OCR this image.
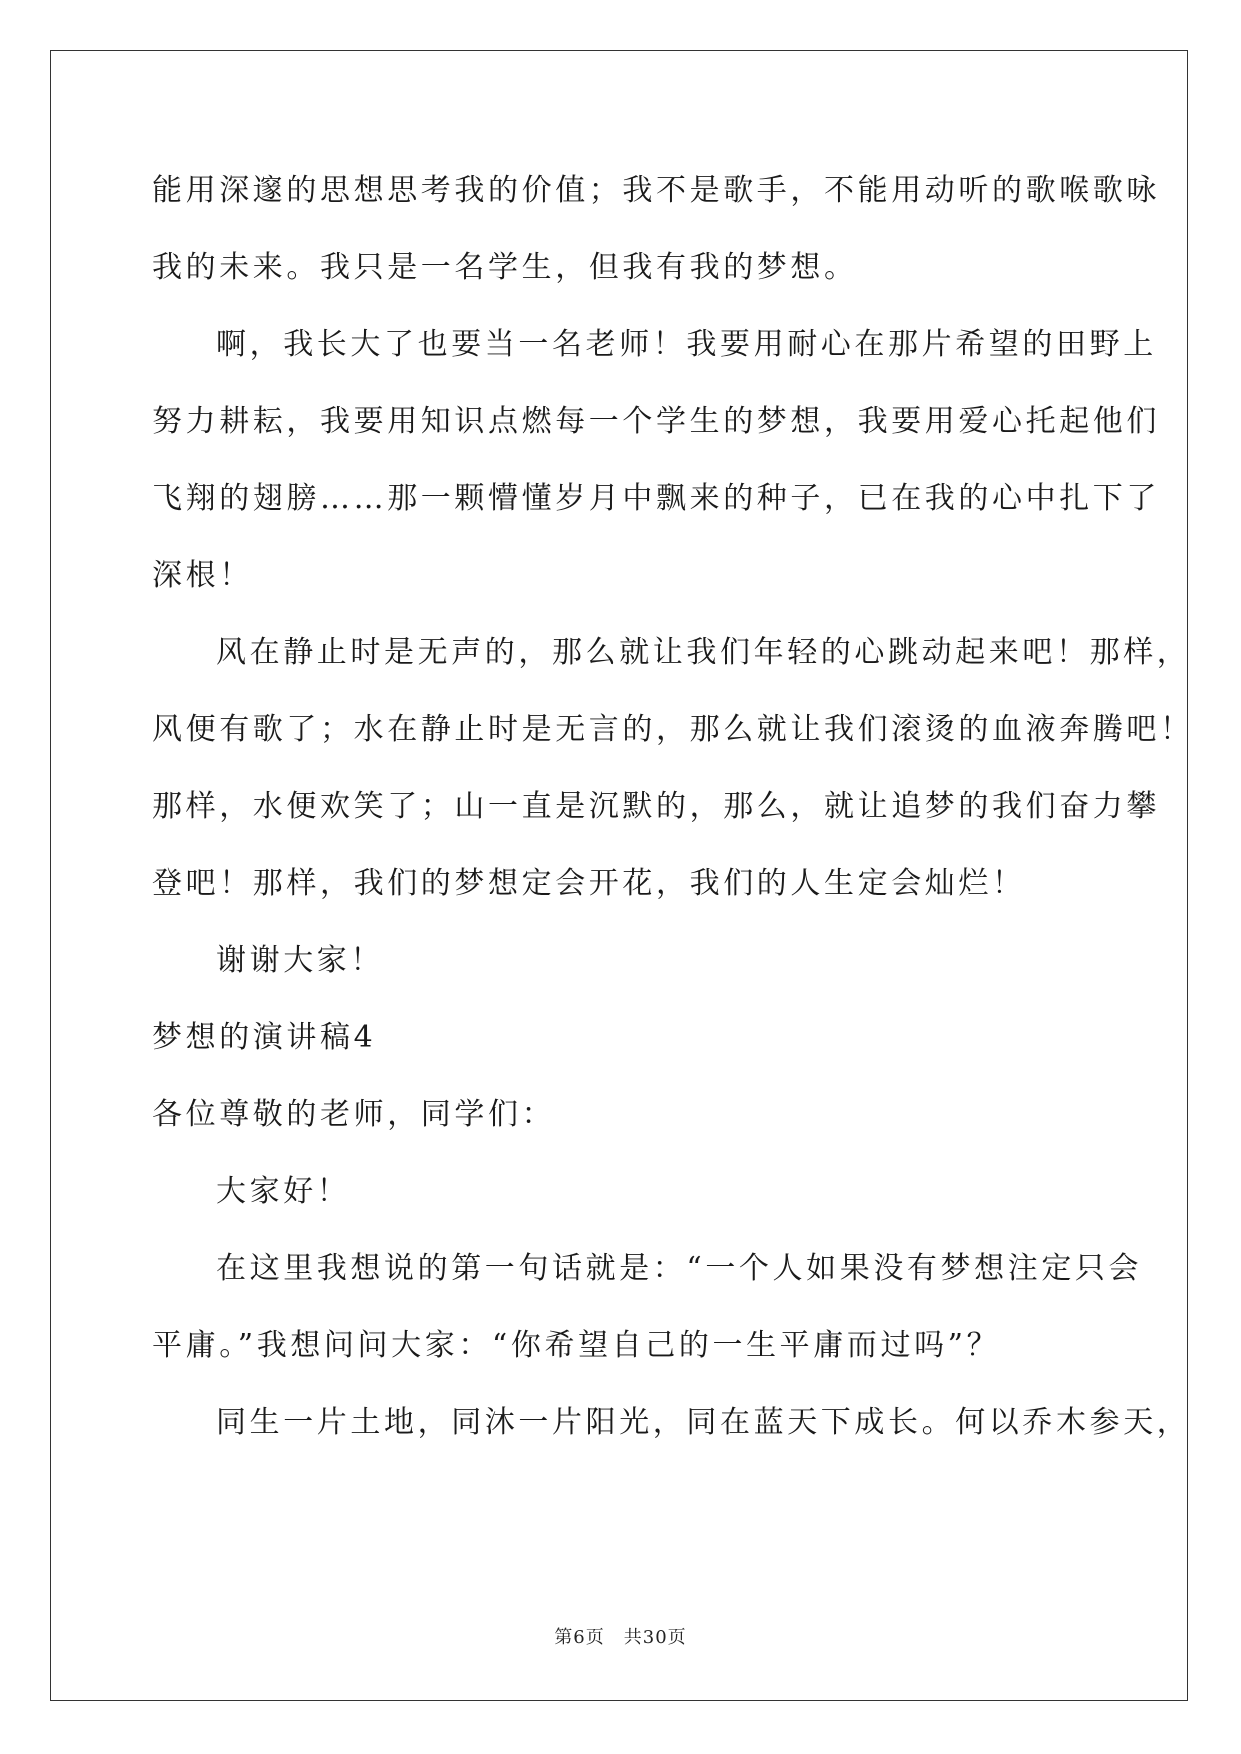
能用深邃的思想思考我的价值；我不是歌手，不能用动听的歌喉歌咏
我的未来。我只是一名学生，但我有我的梦想。
啊，我长大了也要当一名老师！我要用耐心在那片希望的田野上
努力耕耘，我要用知识点燃每一个学生的梦想，我要用爱心托起他们
飞翔的翅膀……那一颗懵懂岁月中飘来的种子，已在我的心中扎下了
深根！
风在静止时是无声的，那么就让我们年轻的心跳动起来吧！那样，
风便有歌了；水在静止时是无言的，那么就让我们滚烫的血液奔腾吧！
那样，水便欢笑了；山一直是沉默的，那么，就让追梦的我们奋力攀
登吧！那样，我们的梦想定会开花，我们的人生定会灿烂！
谢谢大家！
梦想的演讲稿4
各位尊敬的老师，同学们：
大家好！
在这里我想说的第一句话就是：“一个人如果没有梦想注定只会
平庸。”我想问问大家：“你希望自己的一生平庸而过吗”？
同生一片土地，同沐一片阳光，同在蓝天下成长。何以乔木参天，
第6页　共30页
